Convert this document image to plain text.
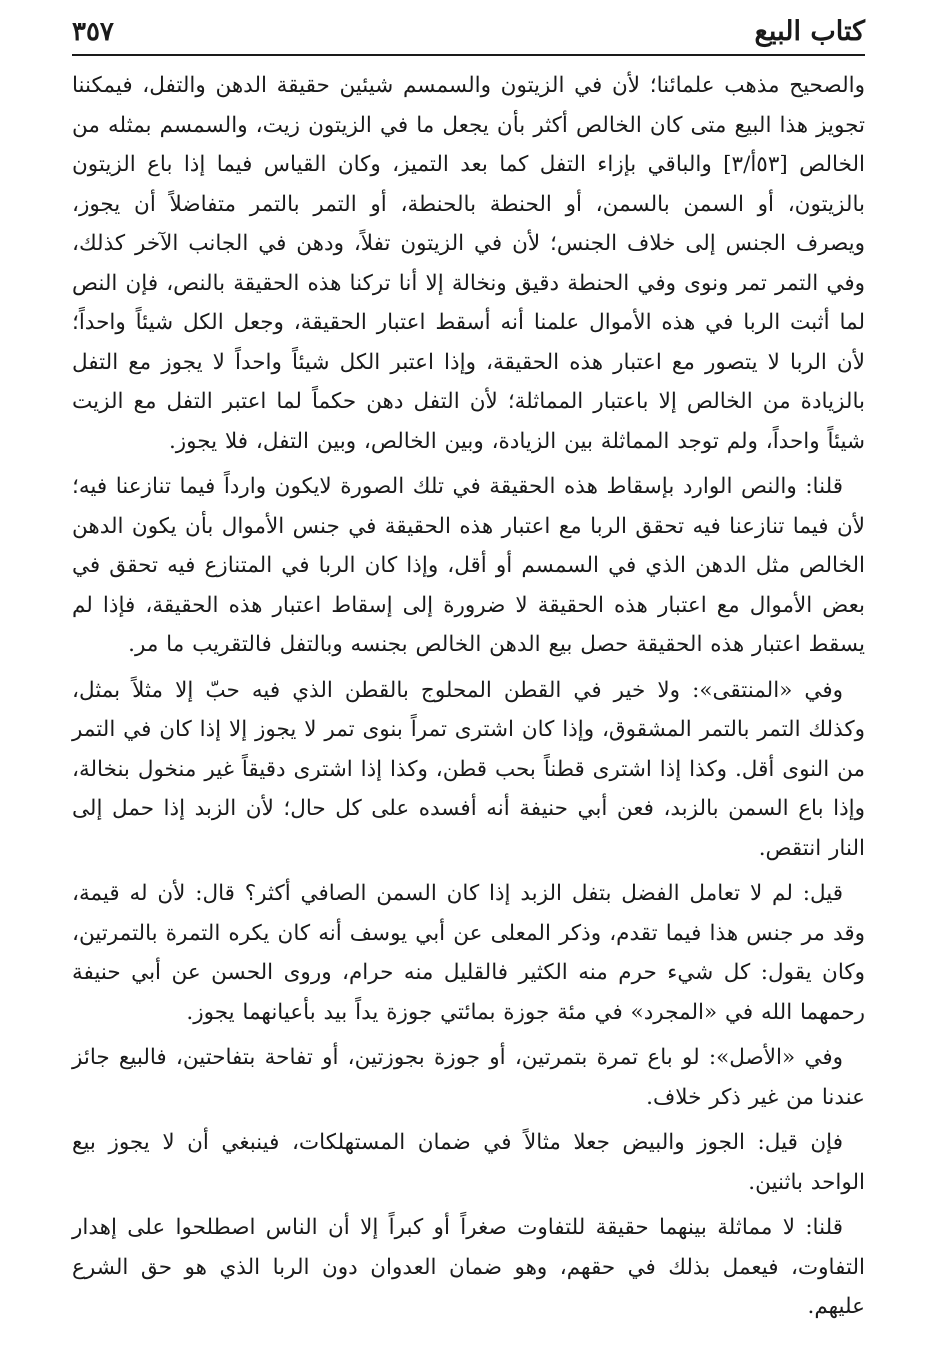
كتاب البيع
٣٥٧

والصحيح مذهب علمائنا؛ لأن في الزيتون والسمسم شيئين حقيقة الدهن والتفل، فيمكننا تجويز هذا البيع متى كان الخالص أكثر بأن يجعل ما في الزيتون زيت، والسمسم بمثله من الخالص [٥٣أ/٣] والباقي بإزاء التفل كما بعد التميز، وكان القياس فيما إذا باع الزيتون بالزيتون، أو السمن بالسمن، أو الحنطة بالحنطة، أو التمر بالتمر متفاضلاً أن يجوز، ويصرف الجنس إلى خلاف الجنس؛ لأن في الزيتون تفلاً، ودهن في الجانب الآخر كذلك، وفي التمر تمر ونوى وفي الحنطة دقيق ونخالة إلا أنا تركنا هذه الحقيقة بالنص، فإن النص لما أثبت الربا في هذه الأموال علمنا أنه أسقط اعتبار الحقيقة، وجعل الكل شيئاً واحداً؛ لأن الربا لا يتصور مع اعتبار هذه الحقيقة، وإذا اعتبر الكل شيئاً واحداً لا يجوز مع التفل بالزيادة من الخالص إلا باعتبار المماثلة؛ لأن التفل دهن حكماً لما اعتبر التفل مع الزيت شيئاً واحداً، ولم توجد المماثلة بين الزيادة، وبين الخالص، وبين التفل، فلا يجوز.

قلنا: والنص الوارد بإسقاط هذه الحقيقة في تلك الصورة لايكون وارداً فيما تنازعنا فيه؛ لأن فيما تنازعنا فيه تحقق الربا مع اعتبار هذه الحقيقة في جنس الأموال بأن يكون الدهن الخالص مثل الدهن الذي في السمسم أو أقل، وإذا كان الربا في المتنازع فيه تحقق في بعض الأموال مع اعتبار هذه الحقيقة لا ضرورة إلى إسقاط اعتبار هذه الحقيقة، فإذا لم يسقط اعتبار هذه الحقيقة حصل بيع الدهن الخالص بجنسه وبالتفل فالتقريب ما مر.

وفي «المنتقى»: ولا خير في القطن المحلوج بالقطن الذي فيه حبّ إلا مثلاً بمثل، وكذلك التمر بالتمر المشقوق، وإذا كان اشترى تمراً بنوى تمر لا يجوز إلا إذا كان في التمر من النوى أقل. وكذا إذا اشترى قطناً بحب قطن، وكذا إذا اشترى دقيقاً غير منخول بنخالة، وإذا باع السمن بالزبد، فعن أبي حنيفة أنه أفسده على كل حال؛ لأن الزبد إذا حمل إلى النار انتقص.

قيل: لم لا تعامل الفضل بتفل الزبد إذا كان السمن الصافي أكثر؟ قال: لأن له قيمة، وقد مر جنس هذا فيما تقدم، وذكر المعلى عن أبي يوسف أنه كان يكره التمرة بالتمرتين، وكان يقول: كل شيء حرم منه الكثير فالقليل منه حرام، وروى الحسن عن أبي حنيفة رحمهما الله في «المجرد» في مئة جوزة بمائتي جوزة يداً بيد بأعيانهما يجوز.

وفي «الأصل»: لو باع تمرة بتمرتين، أو جوزة بجوزتين، أو تفاحة بتفاحتين، فالبيع جائز عندنا من غير ذكر خلاف.

فإن قيل: الجوز والبيض جعلا مثالاً في ضمان المستهلكات، فينبغي أن لا يجوز بيع الواحد باثنين.

قلنا: لا مماثلة بينهما حقيقة للتفاوت صغراً أو كبراً إلا أن الناس اصطلحوا على إهدار التفاوت، فيعمل بذلك في حقهم، وهو ضمان العدوان دون الربا الذي هو حق الشرع عليهم.
